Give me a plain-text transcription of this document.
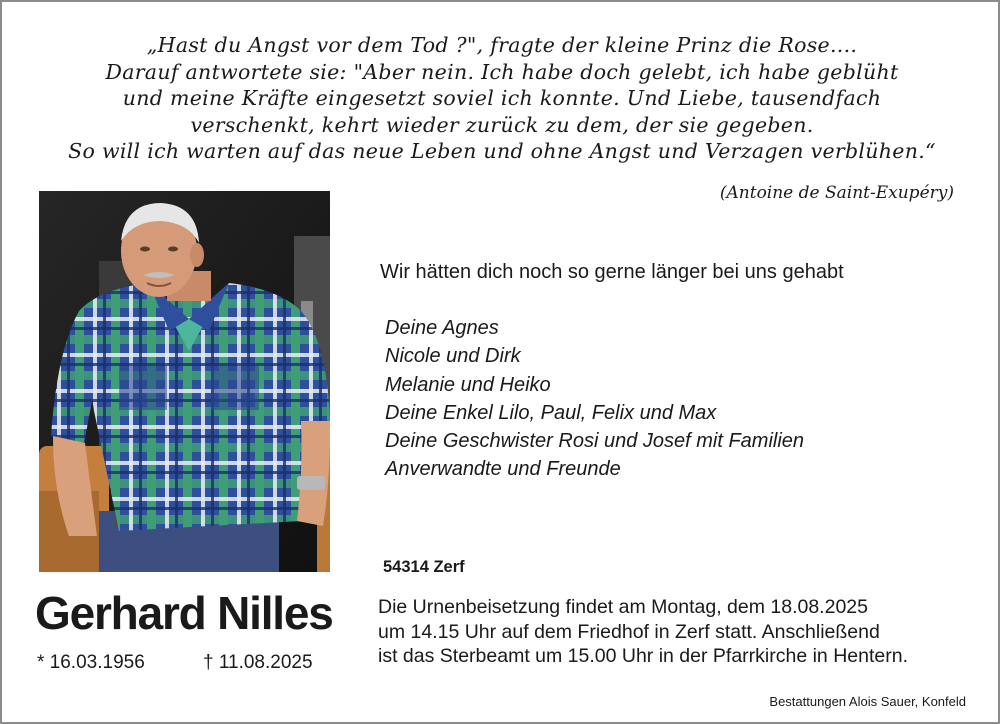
„Hast du Angst vor dem Tod ?", fragte der kleine Prinz die Rose....
Darauf antwortete sie: "Aber nein. Ich habe doch gelebt, ich habe geblüht
und meine Kräfte eingesetzt soviel ich konnte. Und Liebe, tausendfach
verschenkt, kehrt wieder zurück zu dem, der sie gegeben.
So will ich warten auf das neue Leben und ohne Angst und Verzagen verblühen.“
(Antoine de Saint-Exupéry)
Gerhard Nilles
* 16.03.1956	† 11.08.2025
Wir hätten dich noch so gerne länger bei uns gehabt
Deine Agnes
Nicole und Dirk
Melanie und Heiko
Deine Enkel Lilo, Paul, Felix und Max
Deine Geschwister Rosi und Josef mit Familien
Anverwandte und Freunde
54314 Zerf
Die Urnenbeisetzung findet am Montag, dem 18.08.2025
um 14.15 Uhr auf dem Friedhof in Zerf statt. Anschließend
ist das Sterbeamt um 15.00 Uhr in der Pfarrkirche in Hentern.
Bestattungen Alois Sauer, Konfeld
